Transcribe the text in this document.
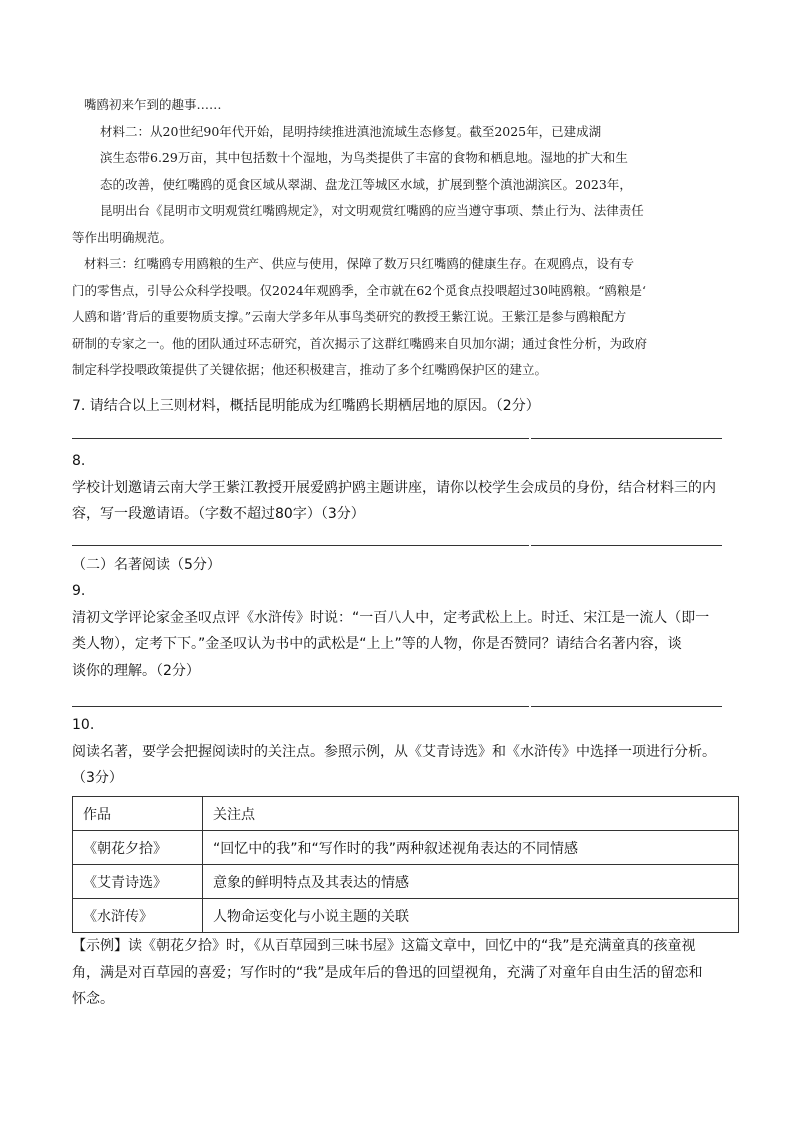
嘴鸥初来乍到的趣事……

材料二：从20世纪90年代开始，昆明持续推进滇池流域生态修复。截至2025年，已建成湖

滨生态带6.29万亩，其中包括数十个湿地，为鸟类提供了丰富的食物和栖息地。湿地的扩大和生

态的改善，使红嘴鸥的觅食区域从翠湖、盘龙江等城区水域，扩展到整个滇池湖滨区。2023年，

昆明出台《昆明市文明观赏红嘴鸥规定》，对文明观赏红嘴鸥的应当遵守事项、禁止行为、法律责任

等作出明确规范。

材料三：红嘴鸥专用鸥粮的生产、供应与使用，保障了数万只红嘴鸥的健康生存。在观鸥点，设有专

门的零售点，引导公众科学投喂。仅2024年观鸥季，全市就在62个觅食点投喂超过30吨鸥粮。“鸥粮是‘

人鸥和谐’背后的重要物质支撑。”云南大学多年从事鸟类研究的教授王紫江说。王紫江是参与鸥粮配方

研制的专家之一。他的团队通过环志研究，首次揭示了这群红嘴鸥来自贝加尔湖；通过食性分析，为政府

制定科学投喂政策提供了关键依据；他还积极建言，推动了多个红嘴鸥保护区的建立。

7. 请结合以上三则材料，概括昆明能成为红嘴鸥长期栖居地的原因。（2分）
8.
学校计划邀请云南大学王紫江教授开展爱鸥护鸥主题讲座，请你以校学生会成员的身份，结合材料三的内
容，写一段邀请语。（字数不超过80字）（3分）
（二）名著阅读（5分）
9.
清初文学评论家金圣叹点评《水浒传》时说：“一百八人中，定考武松上上。时迁、宋江是一流人（即一
类人物），定考下下。”金圣叹认为书中的武松是“上上”等的人物，你是否赞同？请结合名著内容，谈
谈你的理解。（2分）
10.
阅读名著，要学会把握阅读时的关注点。参照示例，从《艾青诗选》和《水浒传》中选择一项进行分析。
（3分）
作品	关注点
《朝花夕拾》	“回忆中的我”和“写作时的我”两种叙述视角表达的不同情感
《艾青诗选》	意象的鲜明特点及其表达的情感
《水浒传》	人物命运变化与小说主题的关联
【示例】读《朝花夕拾》时，《从百草园到三味书屋》这篇文章中，回忆中的“我”是充满童真的孩童视
角，满是对百草园的喜爱；写作时的“我”是成年后的鲁迅的回望视角，充满了对童年自由生活的留恋和
怀念。
